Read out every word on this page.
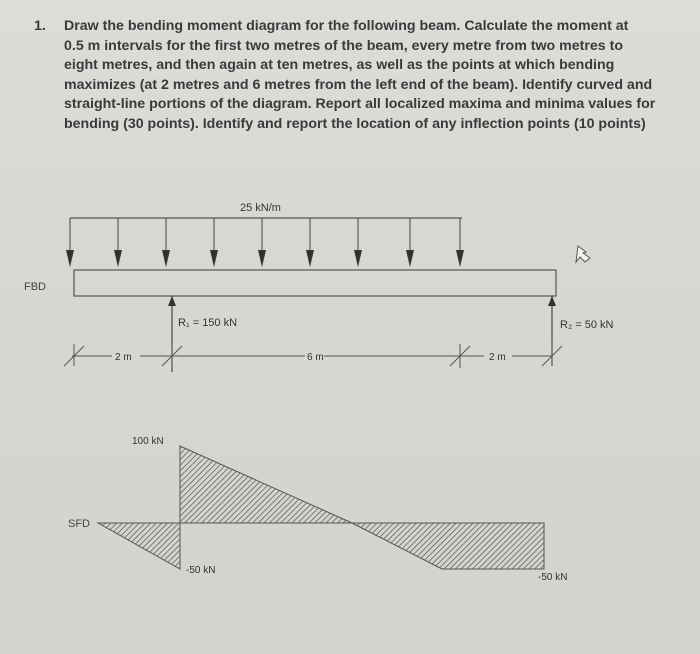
1. Draw the bending moment diagram for the following beam. Calculate the moment at
0.5 m intervals for the first two metres of the beam, every metre from two metres to
eight metres, and then again at ten metres, as well as the points at which bending
maximizes (at 2 metres and 6 metres from the left end of the beam). Identify curved and
straight-line portions of the diagram. Report all localized maxima and minima values for
bending (30 points). Identify and report the location of any inflection points (10 points)
FBD
25 kN/m
R₁ = 150 kN	R₂ = 50 kN
2 m	6 m	2 m
SFD
100 kN
-50 kN
-50 kN
